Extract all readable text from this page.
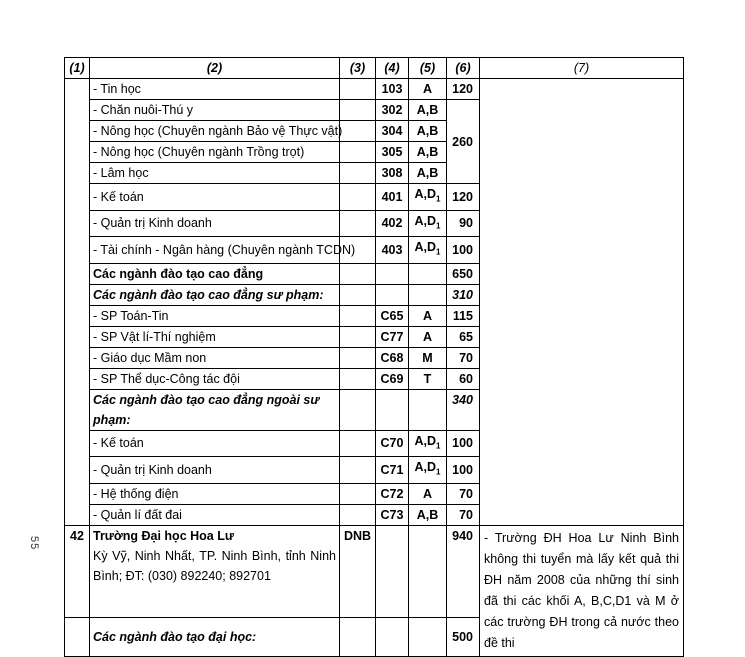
55
(1)	(2)	(3)	(4)	(5)	(6)	(7)
	- Tin học		103	A	120	
	- Chăn nuôi-Thú y		302	A,B	260	
	- Nông học (Chuyên ngành Bảo vệ Thực vật)		304	A,B		
	- Nông học (Chuyên ngành Trồng trọt)		305	A,B		
	- Lâm học		308	A,B		
	- Kế toán		401	$A,D_1$	120	
	- Quản trị Kinh doanh		402	$A,D_1$	90	
	- Tài chính - Ngân hàng (Chuyên ngành TCDN)		403	$A,D_1$	100	
	Các ngành đào tạo cao đẳng				650	
	Các ngành đào tạo cao đẳng sư phạm:				310	
	- SP Toán-Tin		C65	A	115	
	- SP Vật lí-Thí nghiệm		C77	A	65	
	- Giáo dục Mầm non		C68	M	70	
	- SP Thể dục-Công tác đội		C69	T	60	
	Các ngành đào tạo cao đẳng ngoài sư phạm:				340	
	- Kế toán		C70	$A,D_1$	100	
	- Quản trị Kinh doanh		C71	$A,D_1$	100	
	- Hệ thống điện		C72	A	70	
	- Quản lí đất đai		C73	A,B	70	
42	Trường Đại học Hoa Lư
Kỳ Vỹ, Ninh Nhất, TP. Ninh Bình, tỉnh Ninh Bình; ĐT: (030) 892240; 892701	DNB			940	- Trường ĐH Hoa Lư Ninh Bình không thi tuyển mà lấy kết quả thi ĐH năm 2008 của những thí sinh đã thi các khối A, B,C,D1 và M ở các trường ĐH trong cả nước theo đề thi
	Các ngành đào tạo đại học:				500	
